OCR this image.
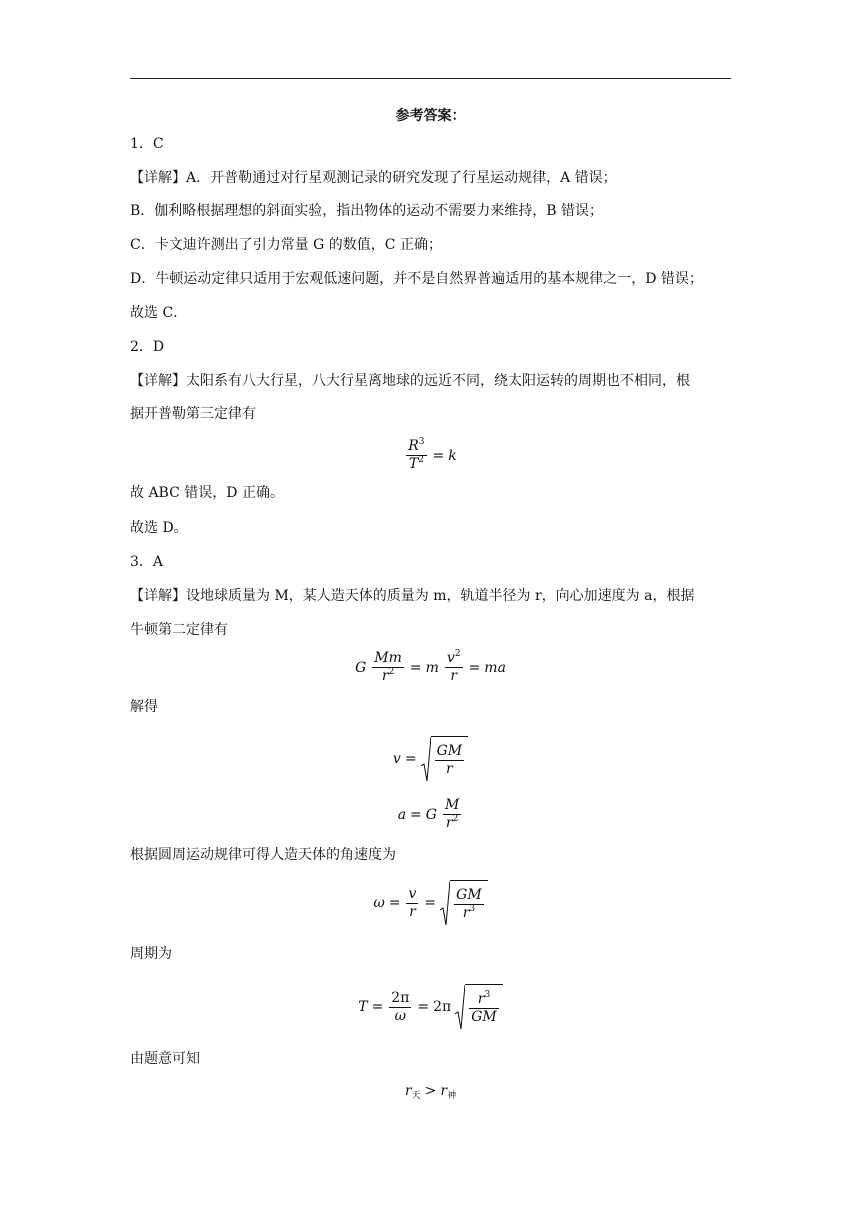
参考答案：
1．C
【详解】A．开普勒通过对行星观测记录的研究发现了行星运动规律，A 错误；
B．伽利略根据理想的斜面实验，指出物体的运动不需要力来维持，B 错误；
C．卡文迪许测出了引力常量 G 的数值，C 正确；
D．牛顿运动定律只适用于宏观低速问题，并不是自然界普遍适用的基本规律之一，D 错误；
故选 C．
2．D
【详解】太阳系有八大行星，八大行星离地球的远近不同，绕太阳运转的周期也不相同，根
据开普勒第三定律有
$\frac{R^3}{T^2} = k$
故 ABC 错误，D 正确。
故选 D。
3．A
【详解】设地球质量为 M，某人造天体的质量为 m，轨道半径为 r，向心加速度为 a，根据
牛顿第二定律有
G $\frac{Mm}{r^2} = m \frac{v^2}{r}$ = ma
解得
$v = \frac{GM}{r}$
a = G $\frac{M}{r^2}$
根据圆周运动规律可得人造天体的角速度为
$\omega = \frac{v}{r} = \frac{GM}{r^3}$
周期为
$T = \frac{2\pi}{\omega} = 2\pi \frac{r^3}{GM}$
由题意可知
$r_天 > r_神$
